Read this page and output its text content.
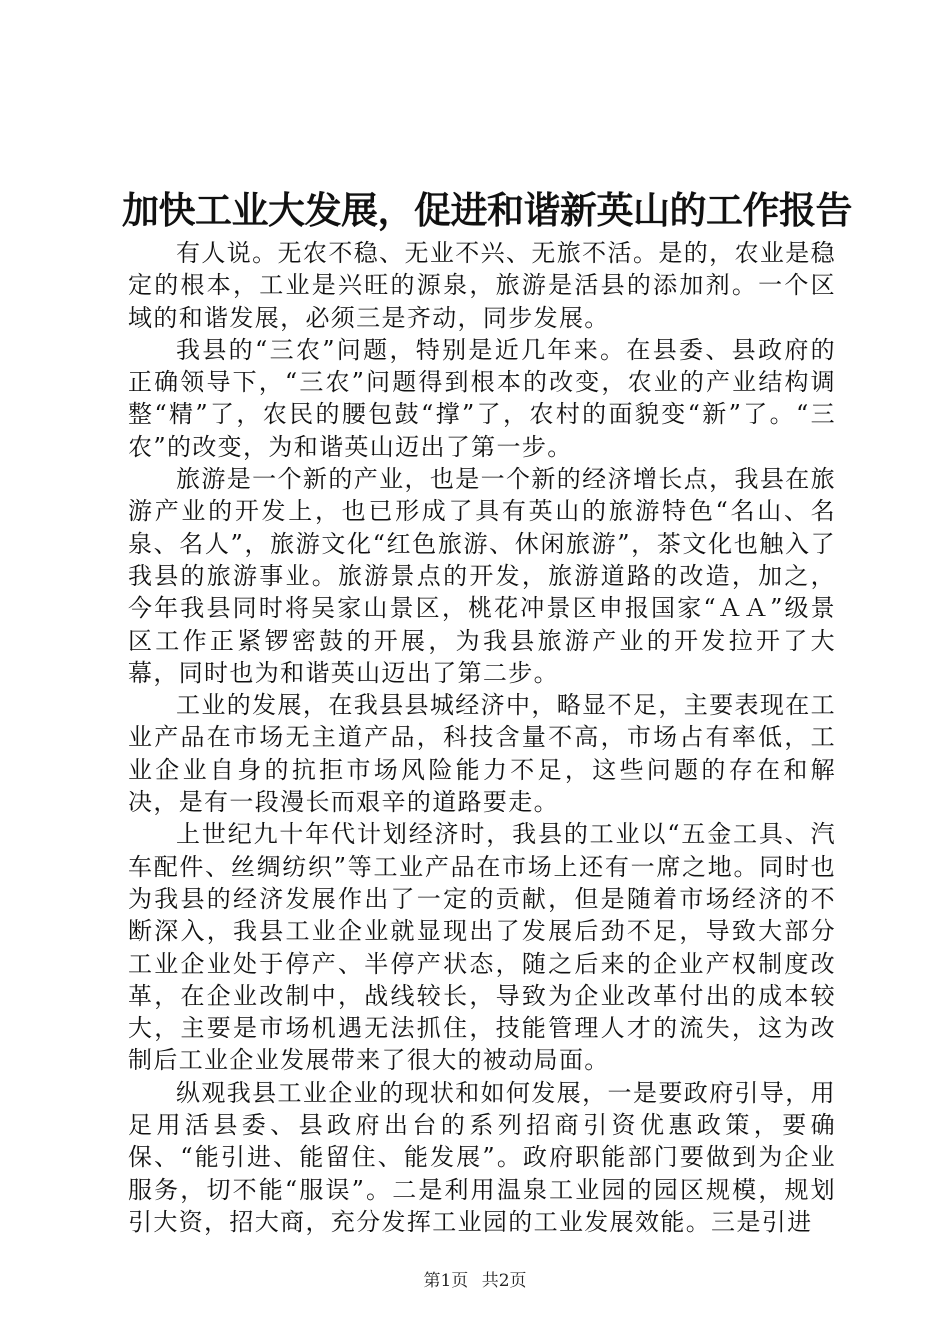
加快工业大发展，促进和谐新英山的工作报告

有人说。无农不稳、无业不兴、无旅不活。是的，农业是稳定的根本，工业是兴旺的源泉，旅游是活县的添加剂。一个区域的和谐发展，必须三是齐动，同步发展。

我县的“三农”问题，特别是近几年来。在县委、县政府的正确领导下，“三农”问题得到根本的改变，农业的产业结构调整“精”了，农民的腰包鼓“撑”了，农村的面貌变“新”了。“三农”的改变，为和谐英山迈出了第一步。

旅游是一个新的产业，也是一个新的经济增长点，我县在旅游产业的开发上，也已形成了具有英山的旅游特色“名山、名泉、名人”，旅游文化“红色旅游、休闲旅游”，茶文化也触入了我县的旅游事业。旅游景点的开发，旅游道路的改造，加之，今年我县同时将吴家山景区，桃花冲景区申报国家“ＡＡ”级景区工作正紧锣密鼓的开展，为我县旅游产业的开发拉开了大幕，同时也为和谐英山迈出了第二步。

工业的发展，在我县县城经济中，略显不足，主要表现在工业产品在市场无主道产品，科技含量不高，市场占有率低，工业企业自身的抗拒市场风险能力不足，这些问题的存在和解决，是有一段漫长而艰辛的道路要走。

上世纪九十年代计划经济时，我县的工业以“五金工具、汽车配件、丝绸纺织”等工业产品在市场上还有一席之地。同时也为我县的经济发展作出了一定的贡献，但是随着市场经济的不断深入，我县工业企业就显现出了发展后劲不足，导致大部分工业企业处于停产、半停产状态，随之后来的企业产权制度改革，在企业改制中，战线较长，导致为企业改革付出的成本较大，主要是市场机遇无法抓住，技能管理人才的流失，这为改制后工业企业发展带来了很大的被动局面。

纵观我县工业企业的现状和如何发展，一是要政府引导，用足用活县委、县政府出台的系列招商引资优惠政策，要确保、“能引进、能留住、能发展”。政府职能部门要做到为企业服务，切不能“服误”。二是利用温泉工业园的园区规模，规划引大资，招大商，充分发挥工业园的工业发展效能。三是引进

第1页 共2页
